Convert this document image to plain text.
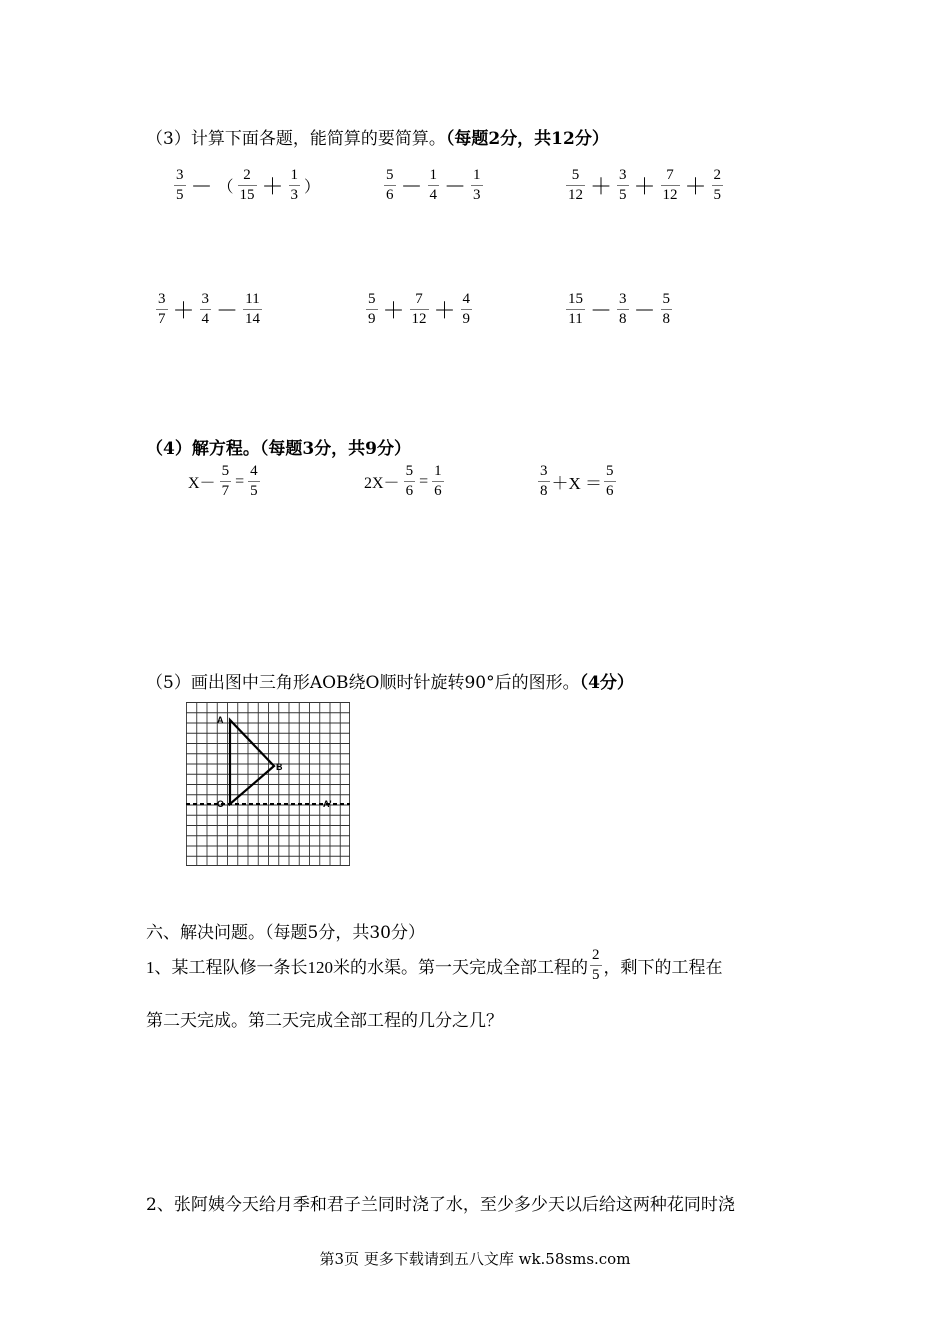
（3）计算下面各题，能简算的要简算。（每题2分，共12分）
$\frac{3}{5}$ － （ $\frac{2}{15} + \frac{1}{3}$ ）	$\frac{5}{6} - \frac{1}{4} - \frac{1}{3}$	$\frac{5}{12} + \frac{3}{5} + \frac{7}{12} + \frac{2}{5}$
$\frac{3}{7} + \frac{3}{4} - \frac{11}{14}$	$\frac{5}{9} + \frac{7}{12} + \frac{4}{9}$	$\frac{15}{11} - \frac{3}{8} - \frac{5}{8}$
（4）解方程。（每题3分，共9分）
$X- \frac{5}{7} = \frac{4}{5}$	$2X- \frac{5}{6} = \frac{1}{6}$	$\frac{3}{8} +X = \frac{5}{6}$
（5）画出图中三角形AOB绕O顺时针旋转90°后的图形。（4分）
A
B
O	A'
六、解决问题。（每题5分，共30分）
1、某工程队修一条长120米的水渠。第一天完成全部工程的 $\frac{2}{5}$ ，剩下的工程在
第二天完成。第二天完成全部工程的几分之几？
2、张阿姨今天给月季和君子兰同时浇了水，至少多少天以后给这两种花同时浇
第3页 更多下载请到五八文库 wk.58sms.com
